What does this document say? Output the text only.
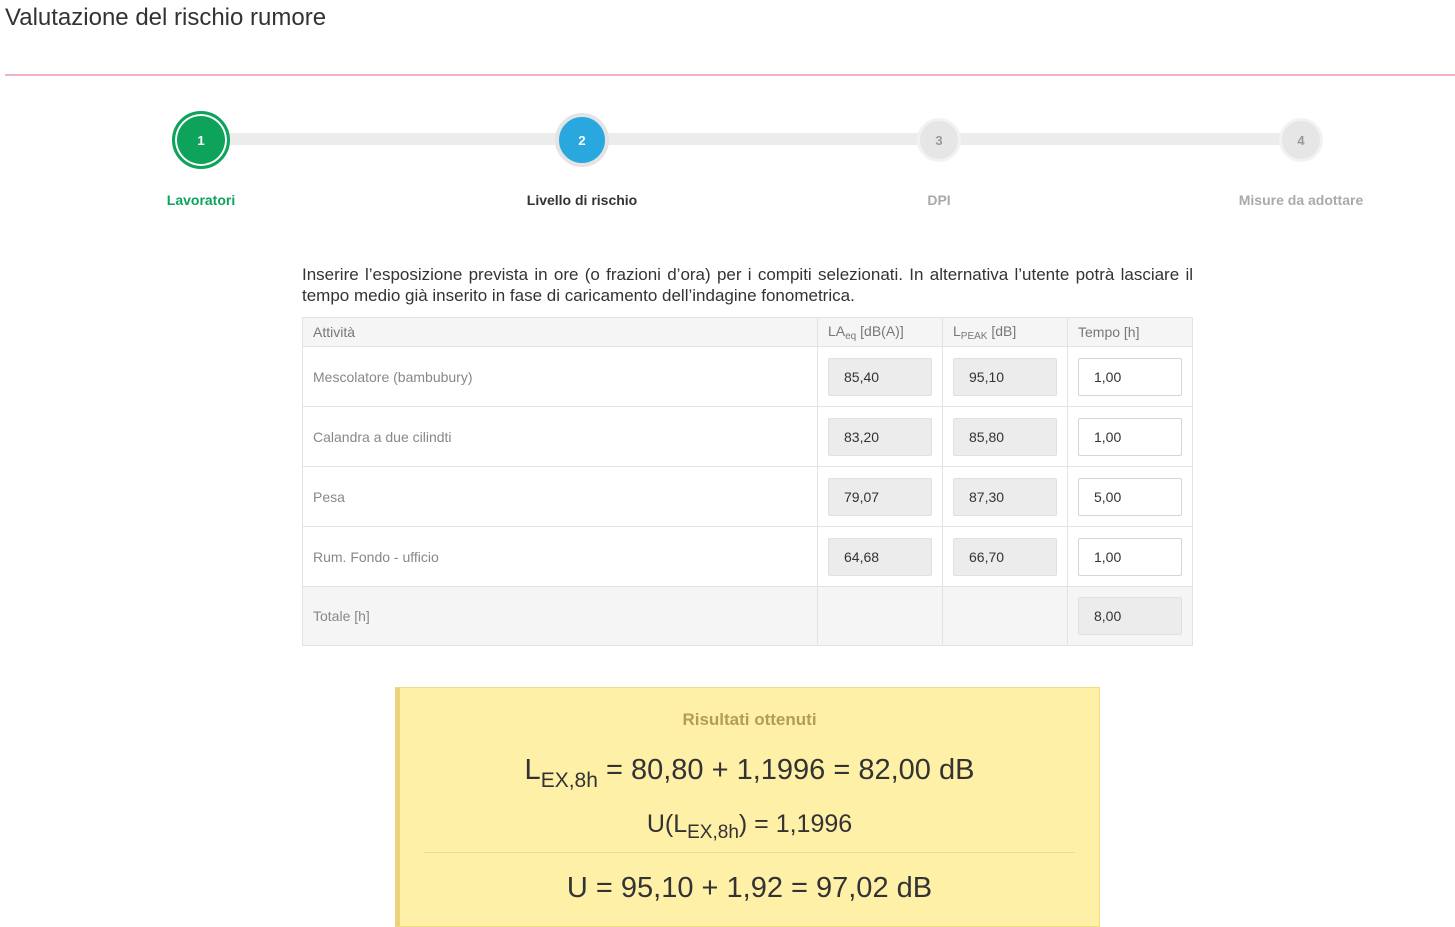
Valutazione del rischio rumore
1
Lavoratori
2
Livello di rischio
3
DPI
4
Misure da adottare

Inserire l’esposizione prevista in ore (o frazioni d’ora) per i compiti selezionati. In alternativa l’utente potrà lasciare il tempo medio già inserito in fase di caricamento dell’indagine fonometrica.

Attività	$LA_{eq}$ [dB(A)]	$L_{PEAK}$ [dB]	Tempo [h]
Mescolatore (bambubury)	85,40	95,10	1,00

Calandra a due cilindti	83,20	85,80	1,00

Pesa	79,07	87,30	5,00

Rum. Fondo - ufficio	64,68	66,70	1,00

Totale [h]			8,00
Risultati ottenuti
$L_{EX,8h} = 80,80 + 1,1996 = 82,00$ dB
$U(L_{EX,8h}) = 1,1996$
U = 95,10 + 1,92 = 97,02 dB
